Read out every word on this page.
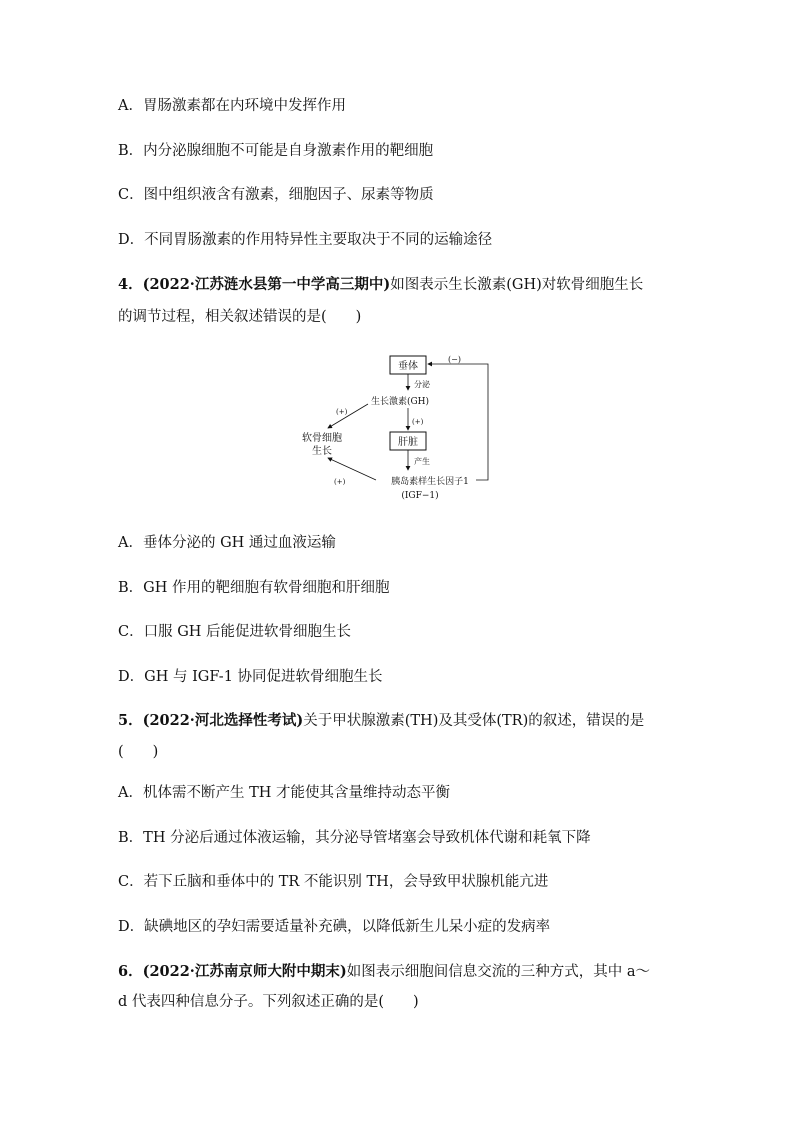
A．胃肠激素都在内环境中发挥作用
B．内分泌腺细胞不可能是自身激素作用的靶细胞
C．图中组织液含有激素，细胞因子、尿素等物质
D．不同胃肠激素的作用特异性主要取决于不同的运输途径
4．(2022·江苏涟水县第一中学高三期中)如图表示生长激素(GH)对软骨细胞生长
的调节过程，相关叙述错误的是(　　)
垂体
分泌
生长激素(GH)
(+)
肝脏
产生
胰岛素样生长因子1
(IGF−1)
(−)
软骨细胞
生长
(+)
(+)
A．垂体分泌的 GH 通过血液运输
B．GH 作用的靶细胞有软骨细胞和肝细胞
C．口服 GH 后能促进软骨细胞生长
D．GH 与 IGF-1 协同促进软骨细胞生长
5．(2022·河北选择性考试)关于甲状腺激素(TH)及其受体(TR)的叙述，错误的是
(　　)
A．机体需不断产生 TH 才能使其含量维持动态平衡
B．TH 分泌后通过体液运输，其分泌导管堵塞会导致机体代谢和耗氧下降
C．若下丘脑和垂体中的 TR 不能识别 TH，会导致甲状腺机能亢进
D．缺碘地区的孕妇需要适量补充碘，以降低新生儿呆小症的发病率
6．(2022·江苏南京师大附中期末)如图表示细胞间信息交流的三种方式，其中 a～
d 代表四种信息分子。下列叙述正确的是(　　)
